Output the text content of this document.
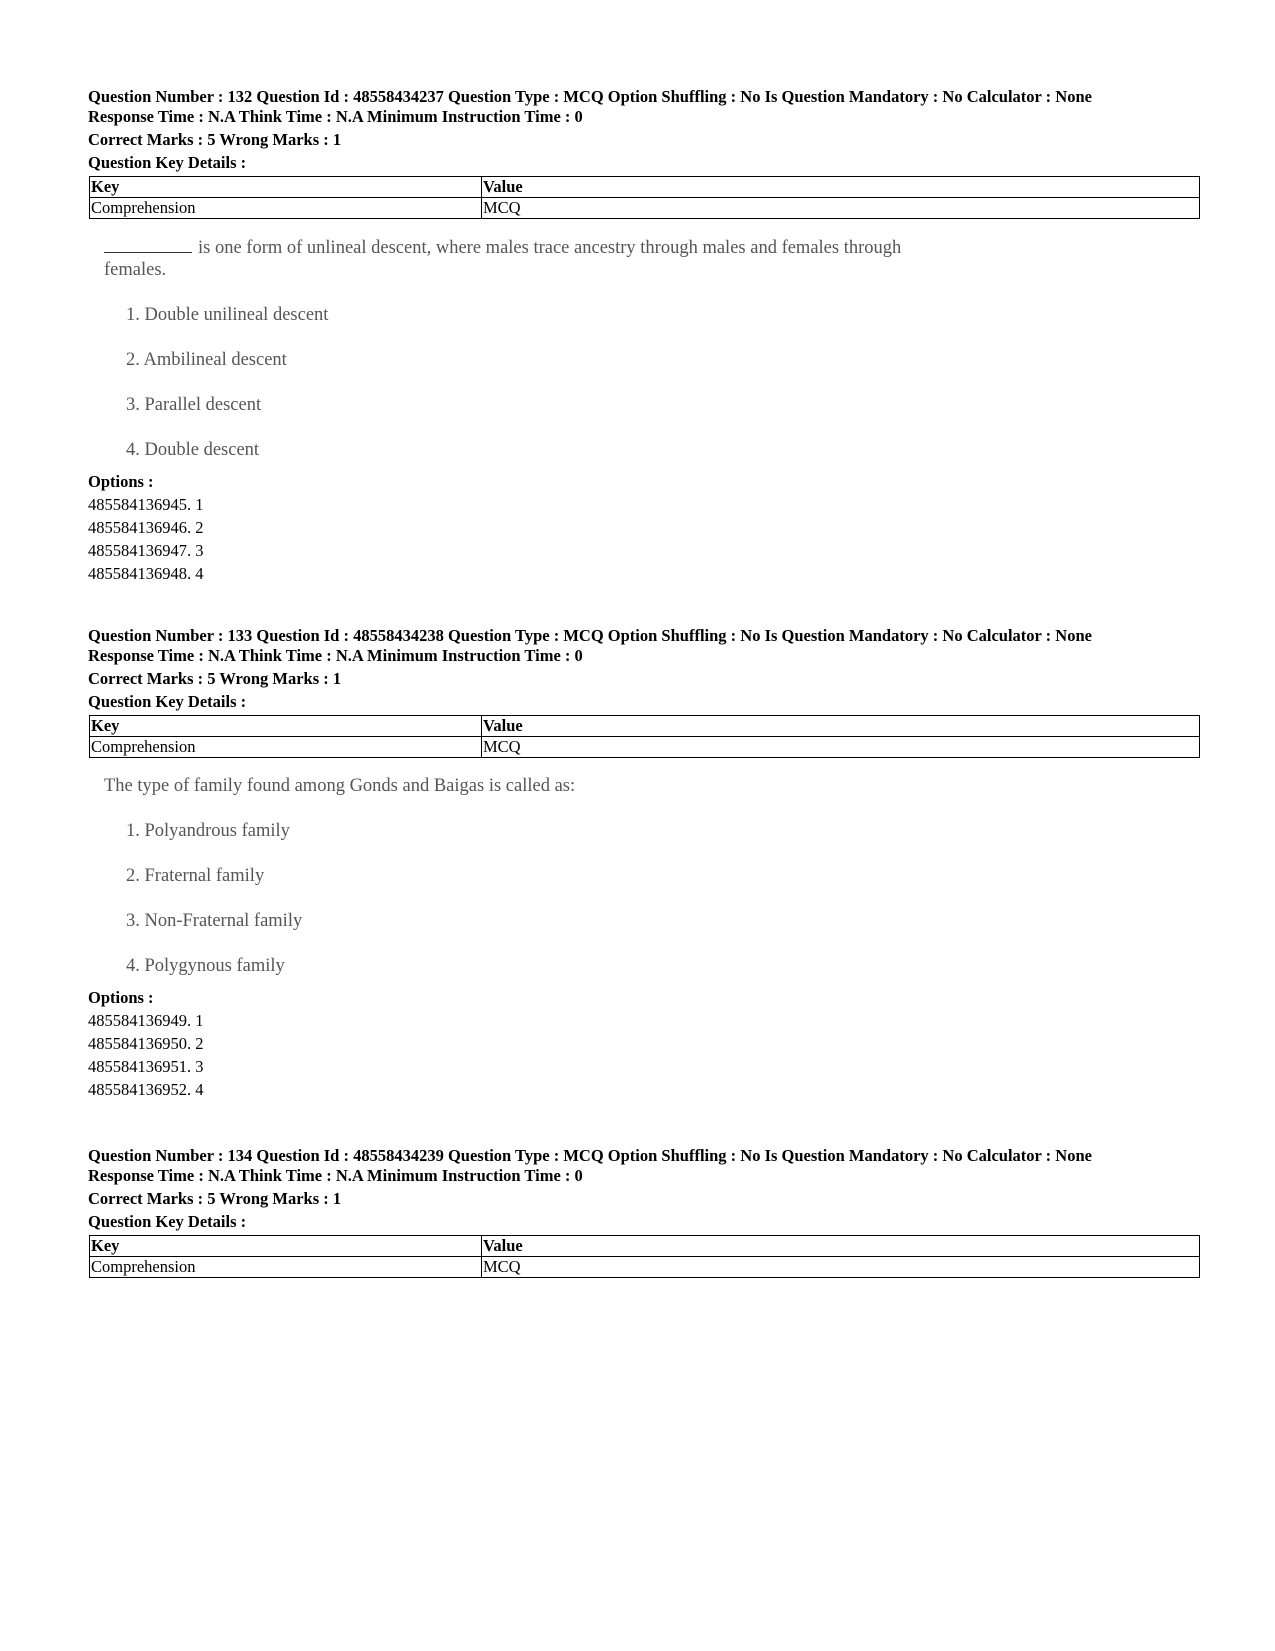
Question Number : 132 Question Id : 48558434237 Question Type : MCQ Option Shuffling : No Is Question Mandatory : No Calculator : None

Response Time : N.A Think Time : N.A Minimum Instruction Time : 0

Correct Marks : 5 Wrong Marks : 1

Question Key Details :

Key	Value
Comprehension	MCQ
is one form of unlineal descent, where males trace ancestry through males and females through
females.
1. Double unilineal descent
2. Ambilineal descent
3. Parallel descent
4. Double descent
Options :
485584136945. 1
485584136946. 2
485584136947. 3
485584136948. 4

Question Number : 133 Question Id : 48558434238 Question Type : MCQ Option Shuffling : No Is Question Mandatory : No Calculator : None

Response Time : N.A Think Time : N.A Minimum Instruction Time : 0

Correct Marks : 5 Wrong Marks : 1

Question Key Details :

Key	Value
Comprehension	MCQ
The type of family found among Gonds and Baigas is called as:
1. Polyandrous family
2. Fraternal family
3. Non-Fraternal family
4. Polygynous family
Options :
485584136949. 1
485584136950. 2
485584136951. 3
485584136952. 4

Question Number : 134 Question Id : 48558434239 Question Type : MCQ Option Shuffling : No Is Question Mandatory : No Calculator : None

Response Time : N.A Think Time : N.A Minimum Instruction Time : 0

Correct Marks : 5 Wrong Marks : 1

Question Key Details :

Key	Value
Comprehension	MCQ
